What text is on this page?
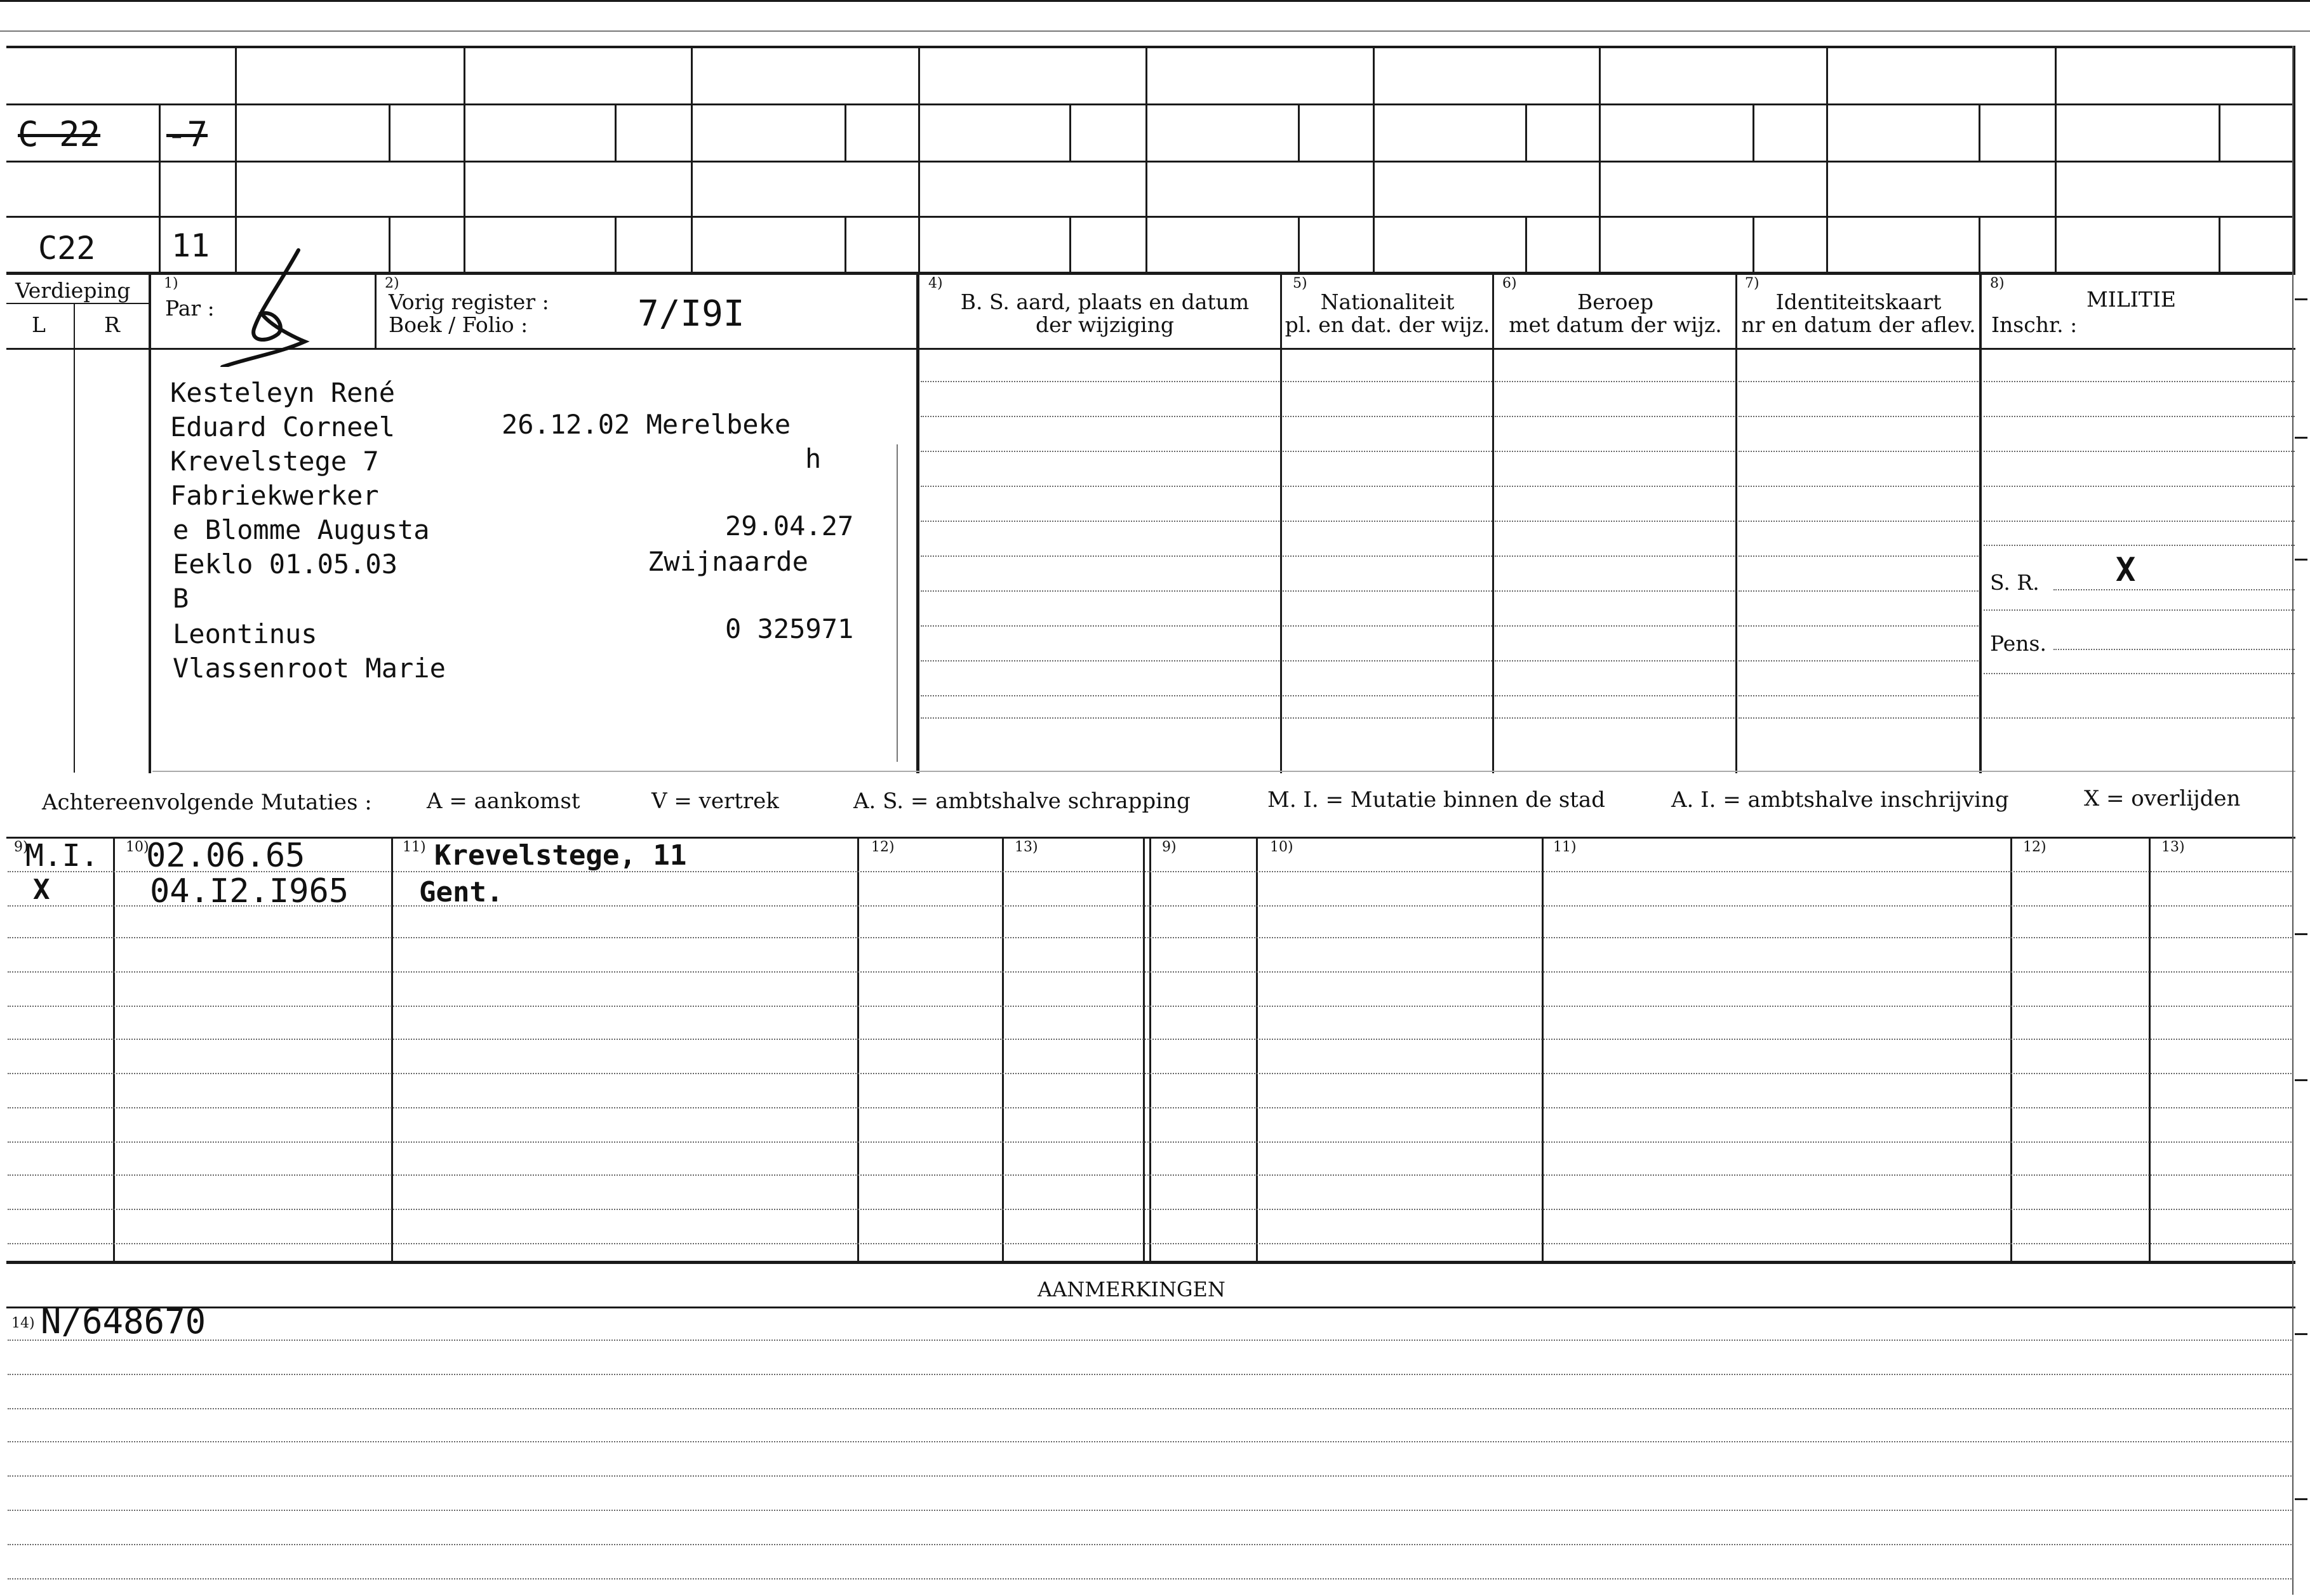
C 22 -7
C22 11
Verdieping
L	R
1)
Par :
2)
Vorig register :
Boek / Folio :	7/I9I
4)
B. S. aard, plaats en datum
der wijziging
5)
Nationaliteit
pl. en dat. der wijz.
6)
Beroep
met datum der wijz.
7)
Identiteitskaart
nr en datum der aflev.
8)
MILITIE
Inschr. :
S. R. X
Pens.
Kesteleyn René
Eduard Corneel	26.12.02 Merelbeke
Krevelstege 7	h
Fabriekwerker
e Blomme Augusta	29.04.27
Eeklo 01.05.03	Zwijnaarde
B
Leontinus	0 325971
Vlassenroot Marie
Achtereenvolgende Mutaties :	A = aankomst	V = vertrek	A. S. = ambtshalve schrapping	M. I. = Mutatie binnen de stad	A. I. = ambtshalve inschrijving	X = overlijden
9)	10)	11)	12)	13)	9)	10)	11)	12)	13)
M.I. 02.06.65	Krevelstege, 11
X	04.I2.I965	Gent.
AANMERKINGEN
14) N/648670
